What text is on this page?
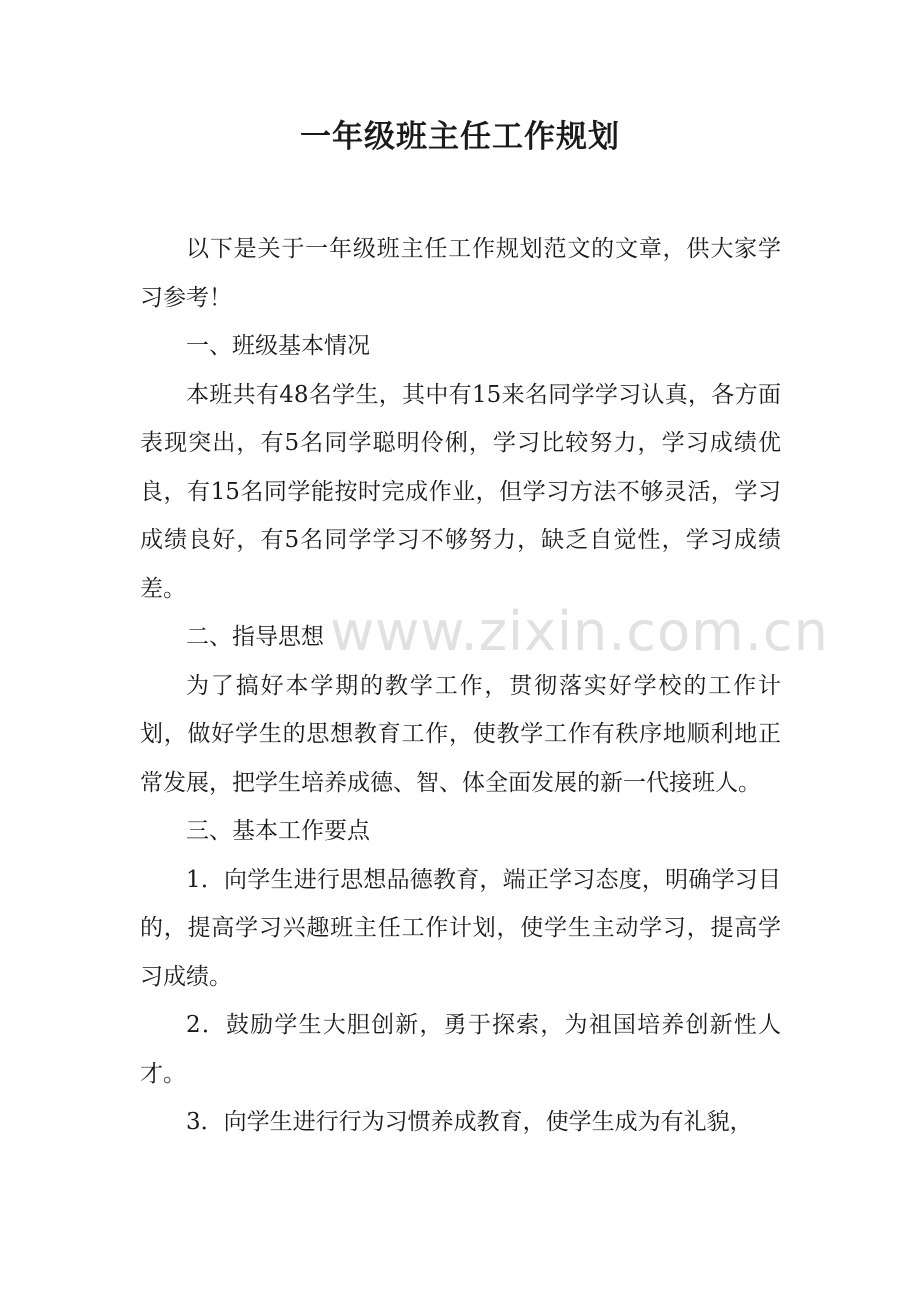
一年级班主任工作规划

以下是关于一年级班主任工作规划范文的文章，供大家学习参考！

一、班级基本情况

本班共有48名学生，其中有15来名同学学习认真，各方面表现突出，有5名同学聪明伶俐，学习比较努力，学习成绩优良，有15名同学能按时完成作业，但学习方法不够灵活，学习成绩良好，有5名同学学习不够努力，缺乏自觉性，学习成绩差。

二、指导思想

为了搞好本学期的教学工作，贯彻落实好学校的工作计划，做好学生的思想教育工作，使教学工作有秩序地顺利地正常发展，把学生培养成德、智、体全面发展的新一代接班人。

三、基本工作要点

1．向学生进行思想品德教育，端正学习态度，明确学习目的，提高学习兴趣班主任工作计划，使学生主动学习，提高学习成绩。

2．鼓励学生大胆创新，勇于探索，为祖国培养创新性人才。

3．向学生进行行为习惯养成教育，使学生成为有礼貌，

www.zixin.com.cn
